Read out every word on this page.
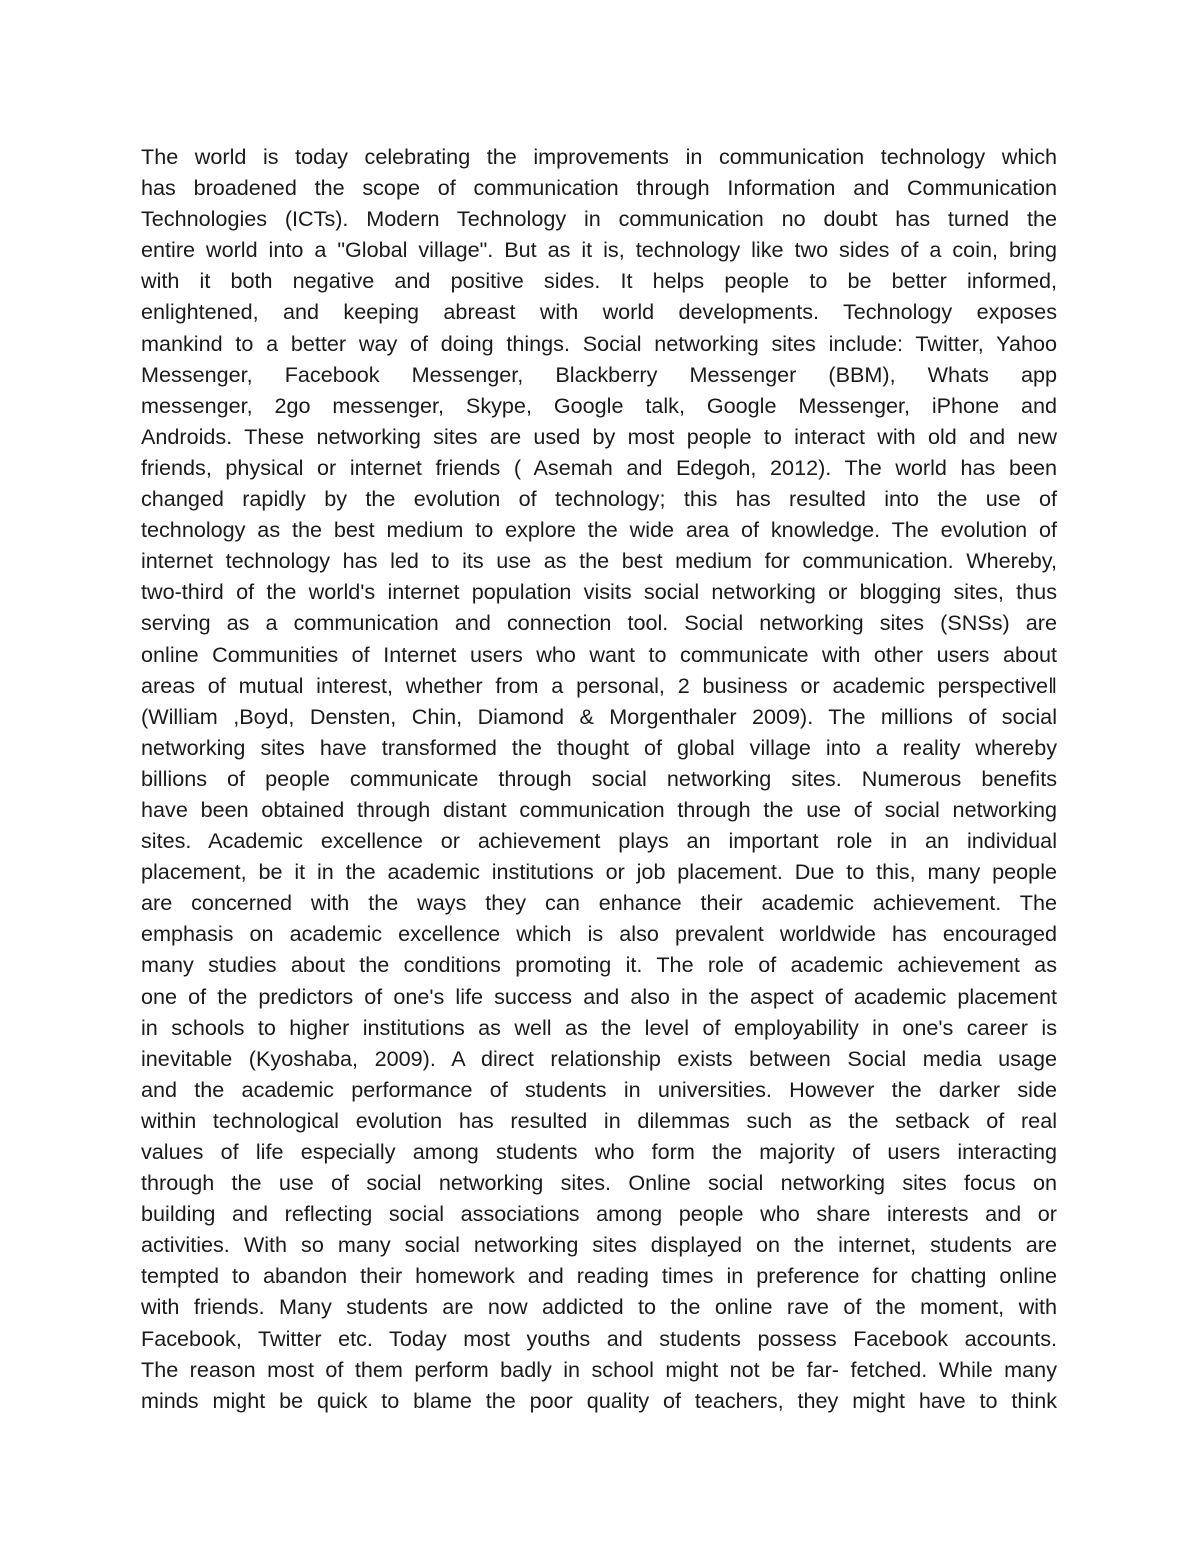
The world is today celebrating the improvements in communication technology which
has broadened the scope of communication through Information and Communication
Technologies (ICTs). Modern Technology in communication no doubt has turned the
entire world into a "Global village". But as it is, technology like two sides of a coin, bring
with it both negative and positive sides. It helps people to be better informed,
enlightened, and keeping abreast with world developments. Technology exposes
mankind to a better way of doing things. Social networking sites include: Twitter, Yahoo
Messenger, Facebook Messenger, Blackberry Messenger (BBM), Whats app
messenger, 2go messenger, Skype, Google talk, Google Messenger, iPhone and
Androids. These networking sites are used by most people to interact with old and new
friends, physical or internet friends ( Asemah and Edegoh, 2012). The world has been
changed rapidly by the evolution of technology; this has resulted into the use of
technology as the best medium to explore the wide area of knowledge. The evolution of
internet technology has led to its use as the best medium for communication. Whereby,
two-third of the world's internet population visits social networking or blogging sites, thus
serving as a communication and connection tool. Social networking sites (SNSs) are
online Communities of Internet users who want to communicate with other users about
areas of mutual interest, whether from a personal, 2 business or academic perspective‖
(William ,Boyd, Densten, Chin, Diamond & Morgenthaler 2009). The millions of social
networking sites have transformed the thought of global village into a reality whereby
billions of people communicate through social networking sites. Numerous benefits
have been obtained through distant communication through the use of social networking
sites. Academic excellence or achievement plays an important role in an individual
placement, be it in the academic institutions or job placement. Due to this, many people
are concerned with the ways they can enhance their academic achievement. The
emphasis on academic excellence which is also prevalent worldwide has encouraged
many studies about the conditions promoting it. The role of academic achievement as
one of the predictors of one's life success and also in the aspect of academic placement
in schools to higher institutions as well as the level of employability in one's career is
inevitable (Kyoshaba, 2009). A direct relationship exists between Social media usage
and the academic performance of students in universities. However the darker side
within technological evolution has resulted in dilemmas such as the setback of real
values of life especially among students who form the majority of users interacting
through the use of social networking sites. Online social networking sites focus on
building and reflecting social associations among people who share interests and or
activities. With so many social networking sites displayed on the internet, students are
tempted to abandon their homework and reading times in preference for chatting online
with friends. Many students are now addicted to the online rave of the moment, with
Facebook, Twitter etc. Today most youths and students possess Facebook accounts.
The reason most of them perform badly in school might not be far- fetched. While many
minds might be quick to blame the poor quality of teachers, they might have to think
